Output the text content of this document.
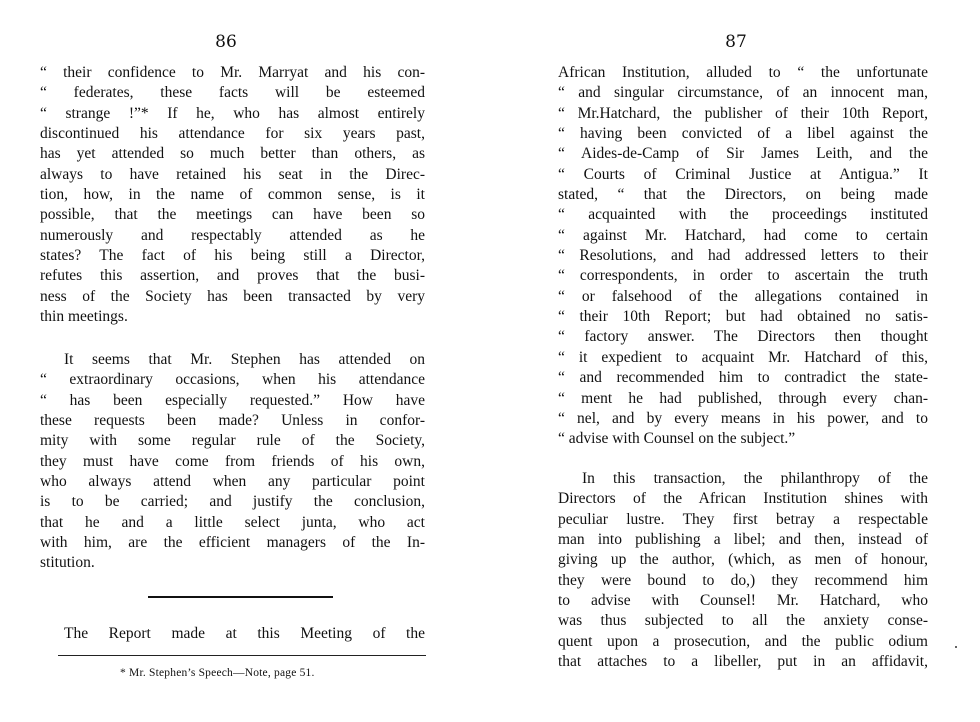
86
“ their confidence to Mr. Marryat and his con-
“ federates, these facts will be esteemed
“ strange !”* If he, who has almost entirely
discontinued his attendance for six years past,
has yet attended so much better than others, as
always to have retained his seat in the Direc-
tion, how, in the name of common sense, is it
possible, that the meetings can have been so
numerously and respectably attended as he
states? The fact of his being still a Director,
refutes this assertion, and proves that the busi-
ness of the Society has been transacted by very
thin meetings.
It seems that Mr. Stephen has attended on
“ extraordinary occasions, when his attendance
“ has been especially requested.” How have
these requests been made? Unless in confor-
mity with some regular rule of the Society,
they must have come from friends of his own,
who always attend when any particular point
is to be carried; and justify the conclusion,
that he and a little select junta, who act
with him, are the efficient managers of the In-
stitution.
The Report made at this Meeting of the
* Mr. Stephen’s Speech—Note, page 51.
87
African Institution, alluded to “ the unfortunate
“ and singular circumstance, of an innocent man,
“ Mr.Hatchard, the publisher of their 10th Report,
“ having been convicted of a libel against the
“ Aides-de-Camp of Sir James Leith, and the
“ Courts of Criminal Justice at Antigua.” It
stated, “ that the Directors, on being made
“ acquainted with the proceedings instituted
“ against Mr. Hatchard, had come to certain
“ Resolutions, and had addressed letters to their
“ correspondents, in order to ascertain the truth
“ or falsehood of the allegations contained in
“ their 10th Report; but had obtained no satis-
“ factory answer. The Directors then thought
“ it expedient to acquaint Mr. Hatchard of this,
“ and recommended him to contradict the state-
“ ment he had published, through every chan-
“ nel, and by every means in his power, and to
“ advise with Counsel on the subject.”
In this transaction, the philanthropy of the
Directors of the African Institution shines with
peculiar lustre. They first betray a respectable
man into publishing a libel; and then, instead of
giving up the author, (which, as men of honour,
they were bound to do,) they recommend him
to advise with Counsel! Mr. Hatchard, who
was thus subjected to all the anxiety conse-
quent upon a prosecution, and the public odium
that attaches to a libeller, put in an affidavit,
